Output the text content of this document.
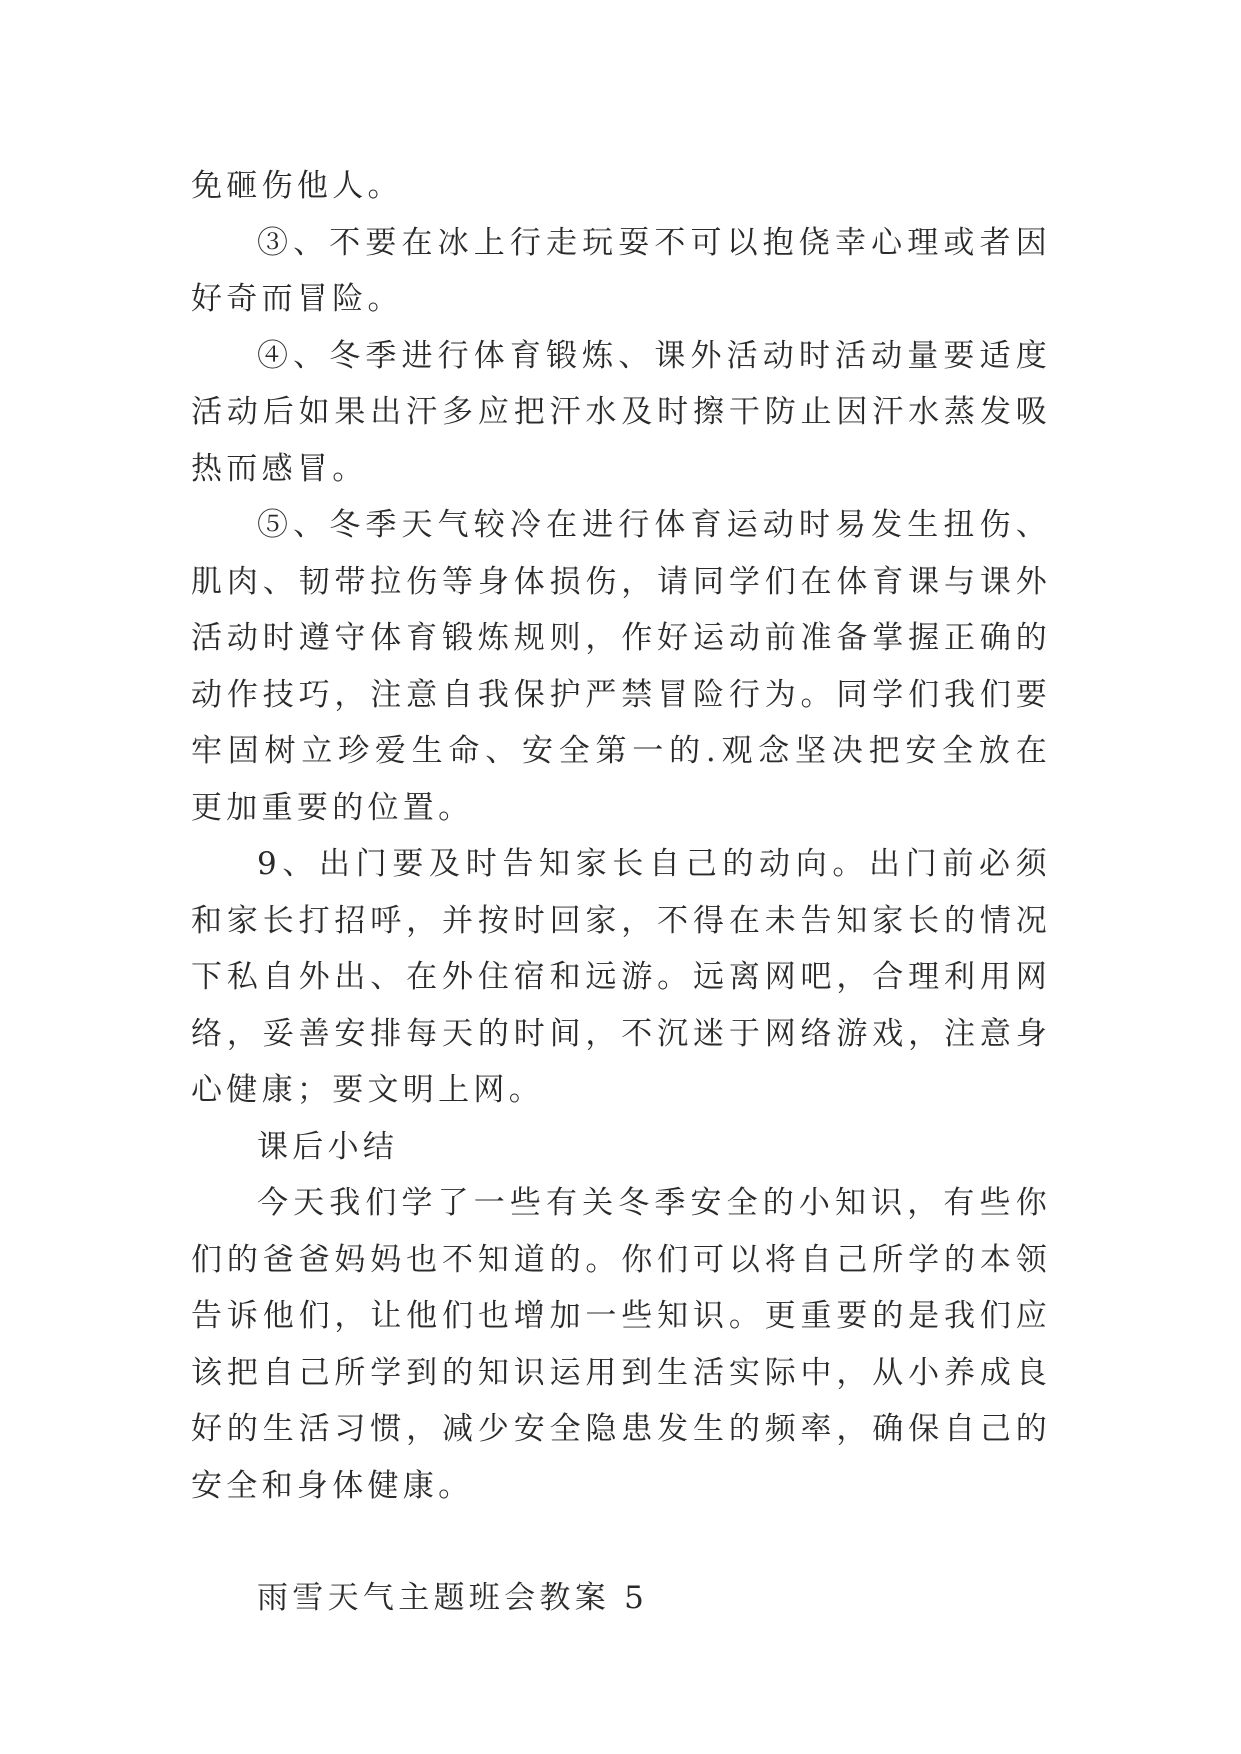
免砸伤他人。

③、不要在冰上行走玩耍不可以抱侥幸心理或者因好奇而冒险。

④、冬季进行体育锻炼、课外活动时活动量要适度活动后如果出汗多应把汗水及时擦干防止因汗水蒸发吸热而感冒。

⑤、冬季天气较冷在进行体育运动时易发生扭伤、肌肉、韧带拉伤等身体损伤，请同学们在体育课与课外活动时遵守体育锻炼规则，作好运动前准备掌握正确的动作技巧，注意自我保护严禁冒险行为。同学们我们要牢固树立珍爱生命、安全第一的.观念坚决把安全放在更加重要的位置。

9、出门要及时告知家长自己的动向。出门前必须和家长打招呼，并按时回家，不得在未告知家长的情况下私自外出、在外住宿和远游。远离网吧，合理利用网络，妥善安排每天的时间，不沉迷于网络游戏，注意身心健康；要文明上网。

课后小结

今天我们学了一些有关冬季安全的小知识，有些你们的爸爸妈妈也不知道的。你们可以将自己所学的本领告诉他们，让他们也增加一些知识。更重要的是我们应该把自己所学到的知识运用到生活实际中，从小养成良好的生活习惯，减少安全隐患发生的频率，确保自己的安全和身体健康。

雨雪天气主题班会教案 5
